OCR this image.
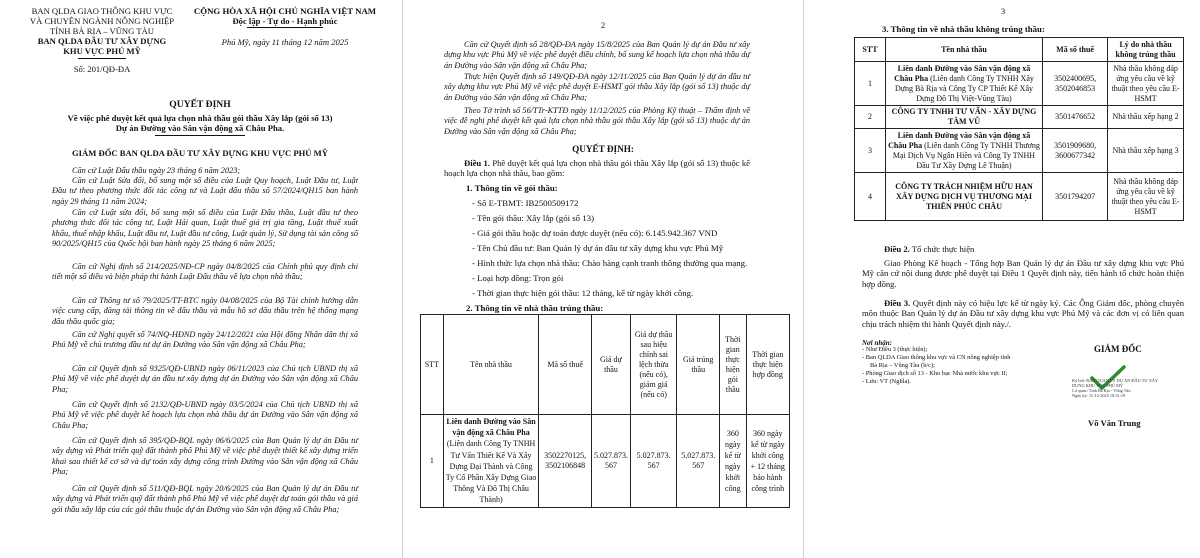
BAN QLDA GIAO THÔNG KHU VỰC
VÀ CHUYÊN NGÀNH NÔNG NGHIỆP
TỈNH BÀ RỊA – VŨNG TÀU
BAN QLDA ĐẦU TƯ XÂY DỰNG
KHU VỰC PHÚ MỸ
Số: 201/QĐ-ĐA
CỘNG HÒA XÃ HỘI CHỦ NGHĨA VIỆT NAM
Độc lập - Tự do - Hạnh phúc
Phú Mỹ, ngày 11 tháng 12 năm 2025
QUYẾT ĐỊNH
Về việc phê duyệt kết quả lựa chọn nhà thầu gói thầu Xây lắp (gói số 13)
Dự án Đường vào Sân vận động xã Châu Pha.
GIÁM ĐỐC BAN QLDA ĐẦU TƯ XÂY DỰNG KHU VỰC PHÚ MỸ
Căn cứ Luật Đấu thầu ngày 23 tháng 6 năm 2023;
Căn cứ Luật Sửa đổi, bổ sung một số điều của Luật Quy hoạch, Luật Đầu tư, Luật Đầu tư theo phương thức đối tác công tư và Luật đấu thầu số 57/2024/QH15 ban hành ngày 29 tháng 11 năm 2024;
Căn cứ Luật sửa đổi, bổ sung một số điều của Luật Đấu thầu, Luật đầu tư theo phương thức đối tác công tư, Luật Hải quan, Luật thuế giá trị gia tăng, Luật thuế xuất khẩu, thuế nhập khẩu, Luật đầu tư, Luật đầu tư công, Luật quản lý, Sử dụng tài sản công số 90/2025/QH15 của Quốc hội ban hành ngày 25 tháng 6 năm 2025;
Căn cứ Nghị định số 214/2025/NĐ-CP ngày 04/8/2025 của Chính phủ quy định chi tiết một số điều và biện pháp thi hành Luật Đấu thầu về lựa chọn nhà thầu;
Căn cứ Thông tư số 79/2025/TT-BTC ngày 04/08/2025 của Bộ Tài chính hướng dẫn việc cung cấp, đăng tải thông tin về đấu thầu và mẫu hồ sơ đấu thầu trên hệ thống mạng đấu thầu quốc gia;
Căn cứ Nghị quyết số 74/NQ-HĐND ngày 24/12/2021 của Hội đồng Nhân dân thị xã Phú Mỹ về chủ trương đầu tư dự án Đường vào Sân vận động xã Châu Pha;
Căn cứ Quyết định số 9325/QĐ-UBND ngày 06/11/2023 của Chủ tịch UBND thị xã Phú Mỹ về việc phê duyệt dự án đầu tư xây dựng dự án Đường vào Sân vận động xã Châu Pha;
Căn cứ Quyết định số 2132/QĐ-UBND ngày 03/5/2024 của Chủ tịch UBND thị xã Phú Mỹ về việc phê duyệt kế hoạch lựa chọn nhà thầu dự án Đường vào Sân vận động xã Châu Pha;
Căn cứ Quyết định số 395/QĐ-BQL ngày 06/6/2025 của Ban Quản lý dự án Đầu tư xây dựng và Phát triển quỹ đất thành phố Phú Mỹ về việc phê duyệt thiết kế xây dựng triển khai sau thiết kế cơ sở và dự toán xây dựng công trình Đường vào Sân vận động xã Châu Pha;
Căn cứ Quyết định số 511/QĐ-BQL ngày 20/6/2025 của Ban Quản lý dự án Đầu tư xây dựng và Phát triển quỹ đất thành phố Phú Mỹ về việc phê duyệt dự toán gói thầu và giá gói thầu xây lắp của các gói thầu thuộc dự án Đường vào Sân vận động xã Châu Pha;
2
Căn cứ Quyết định số 28/QĐ-ĐA ngày 15/8/2025 của Ban Quản lý dự án Đầu tư xây dựng khu vực Phú Mỹ về việc phê duyệt điều chỉnh, bổ sung kế hoạch lựa chọn nhà thầu dự án Đường vào Sân vận động xã Châu Pha;
Thực hiện Quyết định số 149/QĐ-ĐA ngày 12/11/2025 của Ban Quản lý dự án đầu tư xây dựng khu vực Phú Mỹ về việc phê duyệt E-HSMT gói thầu Xây lắp (gói số 13) thuộc dự án Đường vào Sân vận động xã Châu Pha;
Theo Tờ trình số 56/TTr-KTTĐ ngày 11/12/2025 của Phòng Kỹ thuật – Thẩm định về việc đề nghị phê duyệt kết quả lựa chọn nhà thầu gói thầu Xây lắp (gói số 13) thuộc dự án Đường vào Sân vận động xã Châu Pha;
QUYẾT ĐỊNH:
Điều 1. Phê duyệt kết quả lựa chọn nhà thầu gói thầu Xây lắp (gói số 13) thuộc kế hoạch lựa chọn nhà thầu, bao gồm:
1. Thông tin về gói thầu:
- Số E-TBMT: IB2500509172
- Tên gói thầu: Xây lắp (gói số 13)
- Giá gói thầu hoặc dự toán được duyệt (nếu có): 6.145.942.367 VND
- Tên Chủ đầu tư: Ban Quản lý dự án đầu tư xây dựng khu vực Phú Mỹ
- Hình thức lựa chọn nhà thầu: Chào hàng cạnh tranh thông thường qua mạng.
- Loại hợp đồng: Trọn gói
- Thời gian thực hiện gói thầu: 12 tháng, kể từ ngày khởi công.
2. Thông tin về nhà thầu trúng thầu:
STT	Tên nhà thầu	Mã số thuế	Giá dự thầu	Giá dự thầu sau hiệu chỉnh sai lệch thừa (nếu có), giảm giá (nếu có)	Giá trúng thầu	Thời gian thực hiện gói thầu	Thời gian thực hiện hợp đồng
1	Liên danh Đường vào Sân vận động xã Châu Pha (Liên danh Công Ty TNHH Tư Vấn Thiết Kế Và Xây Dựng Đại Thành và Công Ty Cổ Phần Xây Dựng Giao Thông Và Đô Thị Châu Thành)	3502270125, 3502106848	5.027.873. 567	5.027.873. 567	5.027.873. 567	360 ngày kể từ ngày khởi công	360 ngày kể từ ngày khởi công + 12 tháng bảo hành công trình
3
3. Thông tin về nhà thầu không trúng thầu:
STT	Tên nhà thầu	Mã số thuế	Lý do nhà thầu không trúng thầu
1	Liên danh Đường vào Sân vận động xã Châu Pha (Liên danh Công Ty TNHH Xây Dựng Bà Rịa và Công Ty CP Thiết Kế Xây Dựng Đô Thị Việt-Vũng Tàu)	3502400695, 3502046853	Nhà thầu không đáp ứng yêu cầu về kỹ thuật theo yêu cầu E-HSMT
2	CÔNG TY TNHH TƯ VẤN - XÂY DỰNG TÂM VŨ	3501476652	Nhà thầu xếp hạng 2
3	Liên danh Đường vào Sân vận động xã Châu Pha (Liên danh Công Ty TNHH Thương Mại Dịch Vụ Ngân Hiền và Công Ty TNHH Đầu Tư Xây Dựng Lê Thuận)	3501909680, 3600677342	Nhà thầu xếp hạng 3
4	CÔNG TY TRÁCH NHIỆM HỮU HẠN XÂY DỰNG DỊCH VỤ THƯƠNG MẠI THIÊN PHÚC CHÂU	3501794207	Nhà thầu không đáp ứng yêu cầu về kỹ thuật theo yêu cầu E-HSMT
Điều 2. Tổ chức thực hiện
Giao Phòng Kế hoạch - Tổng hợp Ban Quản lý dự án Đầu tư xây dựng khu vực Phú Mỹ căn cứ nội dung được phê duyệt tại Điều 1 Quyết định này, tiến hành tổ chức hoàn thiện hợp đồng.
Điều 3. Quyết định này có hiệu lực kể từ ngày ký. Các Ông Giám đốc, phòng chuyên môn thuộc Ban Quản lý dự án Đầu tư xây dựng khu vực Phú Mỹ và các đơn vị có liên quan chịu trách nhiệm thi hành Quyết định này./.
Nơi nhận:
- Như Điều 3 (thực hiện);
- Ban QLDA Giao thông khu vực và CN nông nghiệp tỉnh
Bà Rịa – Vũng Tàu (b/c);
- Phòng Giao dịch số 13 - Kho bạc Nhà nước khu vực II;
- Lưu: VT (Nghla).
GIÁM ĐỐC
Ký bởi: BAN QUẢN LÝ DỰ ÁN ĐẦU TƯ XÂY
DỰNG KHU VỰC PHÚ MỸ
Cơ quan: Tỉnh Bà Rịa - Vũng Tàu
Ngày ký: 11-12-2025 10:51:19
Võ Văn Trung
